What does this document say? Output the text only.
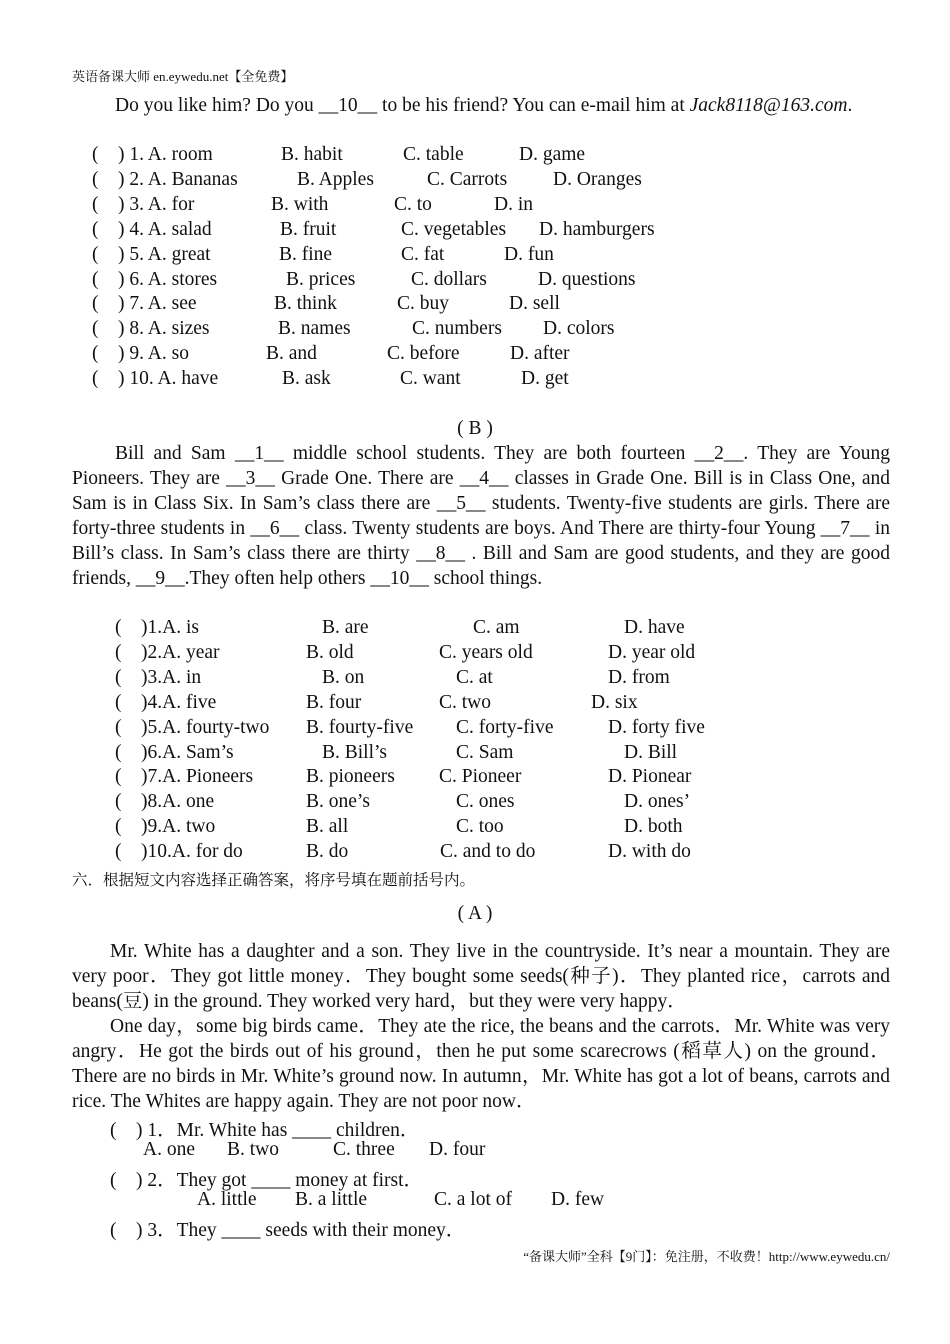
英语备课大师 en.eywedu.net【全免费】
Do you like him? Do you __10__ to be his friend? You can e-mail him at Jack8118@163.com.
(    ) 1. A. room	B. habit	C. table	D. game
(    ) 2. A. Bananas	B. Apples	C. Carrots D. Oranges
(    ) 3. A. for	B. with	C. to	D. in
(    ) 4. A. salad	B. fruit	C. vegetables D. hamburgers
(    ) 5. A. great	B. fine	C. fat	D. fun
(    ) 6. A. stores	B. prices	C. dollars	D. questions
(    ) 7. A. see	B. think	C. buy	D. sell
(    ) 8. A. sizes	B. names	C. numbers D. colors
(    ) 9. A. so	B. and	C. before	D. after
(    ) 10. A. have	B. ask	C. want	D. get
( B )
Bill and Sam __1__ middle school students. They are both fourteen __2__. They are Young Pioneers. They are __3__ Grade One. There are __4__ classes in Grade One. Bill is in Class One, and Sam is in Class Six. In Sam’s class there are __5__ students. Twenty-five students are girls. There are forty-three students in __6__ class. Twenty students are boys. And There are thirty-four Young __7__ in Bill’s class. In Sam’s class there are thirty __8__ . Bill and Sam are good students, and they are good friends, __9__.They often help others __10__ school things.
(    )1.A. is	B. are	C. am	D. have
(    )2.A. year	B. old	C. years old	D. year old
(    )3.A. in	B. on	C. at	D. from
(    )4.A. five	B. four	C. two	D. six
(    )5.A. fourty-two B. fourty-five C. forty-five	D. forty five
(    )6.A. Sam’s	B. Bill’s	C. Sam	D. Bill
(    )7.A. Pioneers	B. pioneers C. Pioneer	D. Pionear
(    )8.A. one	B. one’s	C. ones	D. ones’
(    )9.A. two	B. all	C. too	D. both
(    )10.A. for do	B. do	C. and to do	D. with do
六．根据短文内容选择正确答案，将序号填在题前括号内。
( A )
Mr. White has a daughter and a son. They live in the countryside. It’s near a mountain. They are very poor．They got little money．They bought some seeds(种子)．They planted rice，carrots and beans(豆) in the ground. They worked very hard，but they were very happy．
One day，some big birds came．They ate the rice, the beans and the carrots．Mr. White was very angry．He got the birds out of his ground，then he put some scarecrows (稻草人) on the ground．There are no birds in Mr. White’s ground now. In autumn，Mr. White has got a lot of beans, carrots and rice. The Whites are happy again. They are not poor now．
(    ) 1．Mr. White has ____ children．
A. one B. two	C. three D. four
(    ) 2．They got ____ money at first．
A. little B. a little	C. a lot of D. few
(    ) 3．They ____ seeds with their money．
“备课大师”全科【9门】：免注册，不收费！http://www.eywedu.cn/
